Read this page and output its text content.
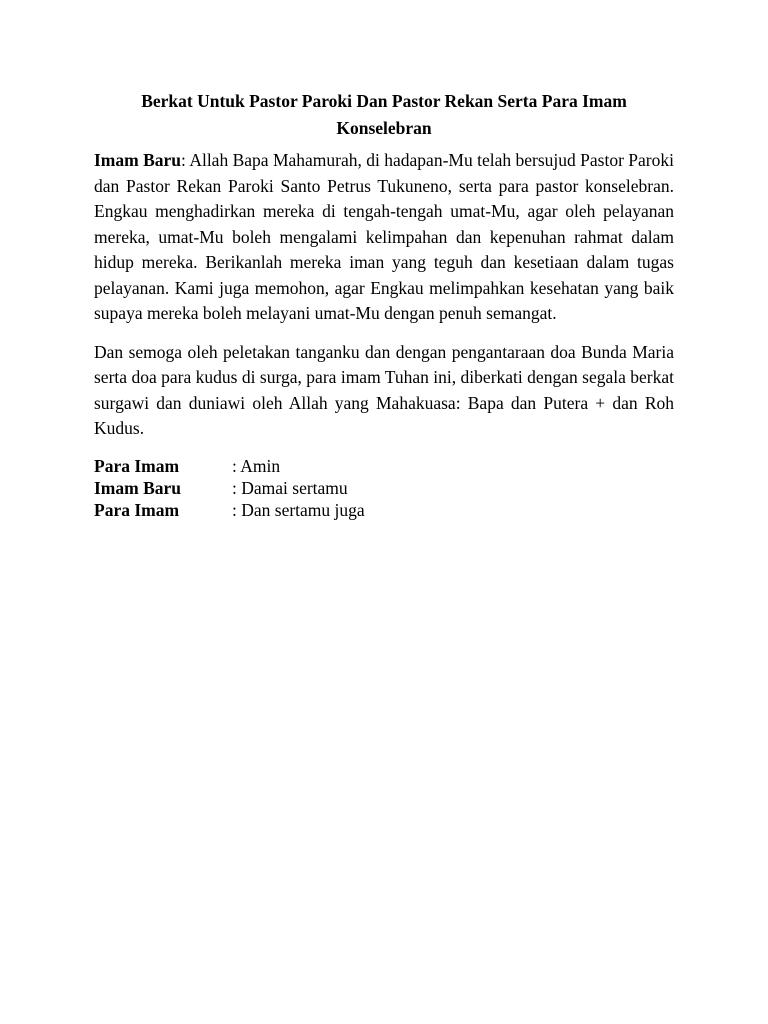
Berkat Untuk Pastor Paroki Dan Pastor Rekan Serta Para Imam Konselebran

Imam Baru: Allah Bapa Mahamurah, di hadapan-Mu telah bersujud Pastor Paroki dan Pastor Rekan Paroki Santo Petrus Tukuneno, serta para pastor konselebran. Engkau menghadirkan mereka di tengah-tengah umat-Mu, agar oleh pelayanan mereka, umat-Mu boleh mengalami kelimpahan dan kepenuhan rahmat dalam hidup mereka. Berikanlah mereka iman yang teguh dan kesetiaan dalam tugas pelayanan. Kami juga memohon, agar Engkau melimpahkan kesehatan yang baik supaya mereka boleh melayani umat-Mu dengan penuh semangat.

Dan semoga oleh peletakan tanganku dan dengan pengantaraan doa Bunda Maria serta doa para kudus di surga, para imam Tuhan ini, diberkati dengan segala berkat surgawi dan duniawi oleh Allah yang Mahakuasa: Bapa dan Putera + dan Roh Kudus.

Para Imam	: Amin
Imam Baru	: Damai sertamu
Para Imam	: Dan sertamu juga
